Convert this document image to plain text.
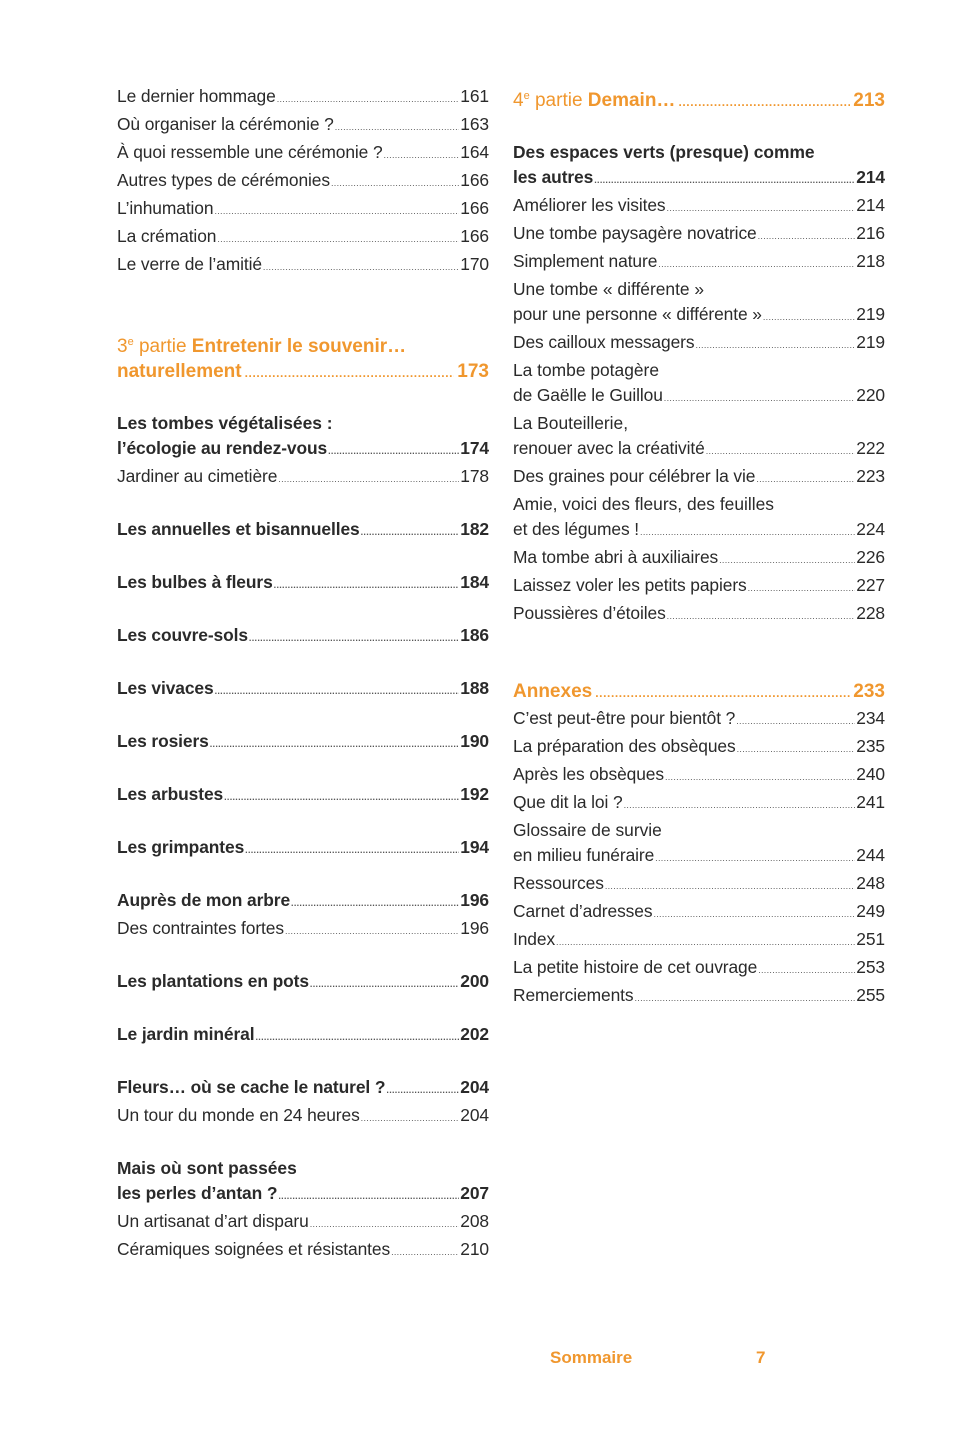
Le dernier hommage .....	161
Où organiser la cérémonie ? .....	163
À quoi ressemble une cérémonie ? .....	164
Autres types de cérémonies .....	166
L’inhumation .....	166
La crémation .....	166
Le verre de l’amitié .....	170
3e partie Entretenir le souvenir…
naturellement .....	173
Les tombes végétalisées :
l’écologie au rendez-vous .....	174
Jardiner au cimetière .....	178
Les annuelles et bisannuelles .....	182
Les bulbes à fleurs .....	184
Les couvre-sols .....	186
Les vivaces .....	188
Les rosiers .....	190
Les arbustes .....	192
Les grimpantes .....	194
Auprès de mon arbre .....	196
Des contraintes fortes .....	196
Les plantations en pots .....	200
Le jardin minéral .....	202
Fleurs… où se cache le naturel ? .....	204
Un tour du monde en 24 heures .....	204
Mais où sont passées
les perles d’antan ? .....	207
Un artisanat d’art disparu .....	208
Céramiques soignées et résistantes .....	210
4e partie Demain… .....	213
Des espaces verts (presque) comme
les autres .....	214
Améliorer les visites .....	214
Une tombe paysagère novatrice .....	216
Simplement nature .....	218
Une tombe « différente »
pour une personne « différente » .....	219
Des cailloux messagers .....	219
La tombe potagère
de Gaëlle le Guillou .....	220
La Bouteillerie,
renouer avec la créativité .....	222
Des graines pour célébrer la vie .....	223
Amie, voici des fleurs, des feuilles
et des légumes ! .....	224
Ma tombe abri à auxiliaires .....	226
Laissez voler les petits papiers .....	227
Poussières d’étoiles .....	228
Annexes .....	233
C’est peut-être pour bientôt ? .....	234
La préparation des obsèques .....	235
Après les obsèques .....	240
Que dit la loi ? .....	241
Glossaire de survie
en milieu funéraire .....	244
Ressources .....	248
Carnet d’adresses .....	249
Index .....	251
La petite histoire de cet ouvrage .....	253
Remerciements .....	255
Sommaire	7
